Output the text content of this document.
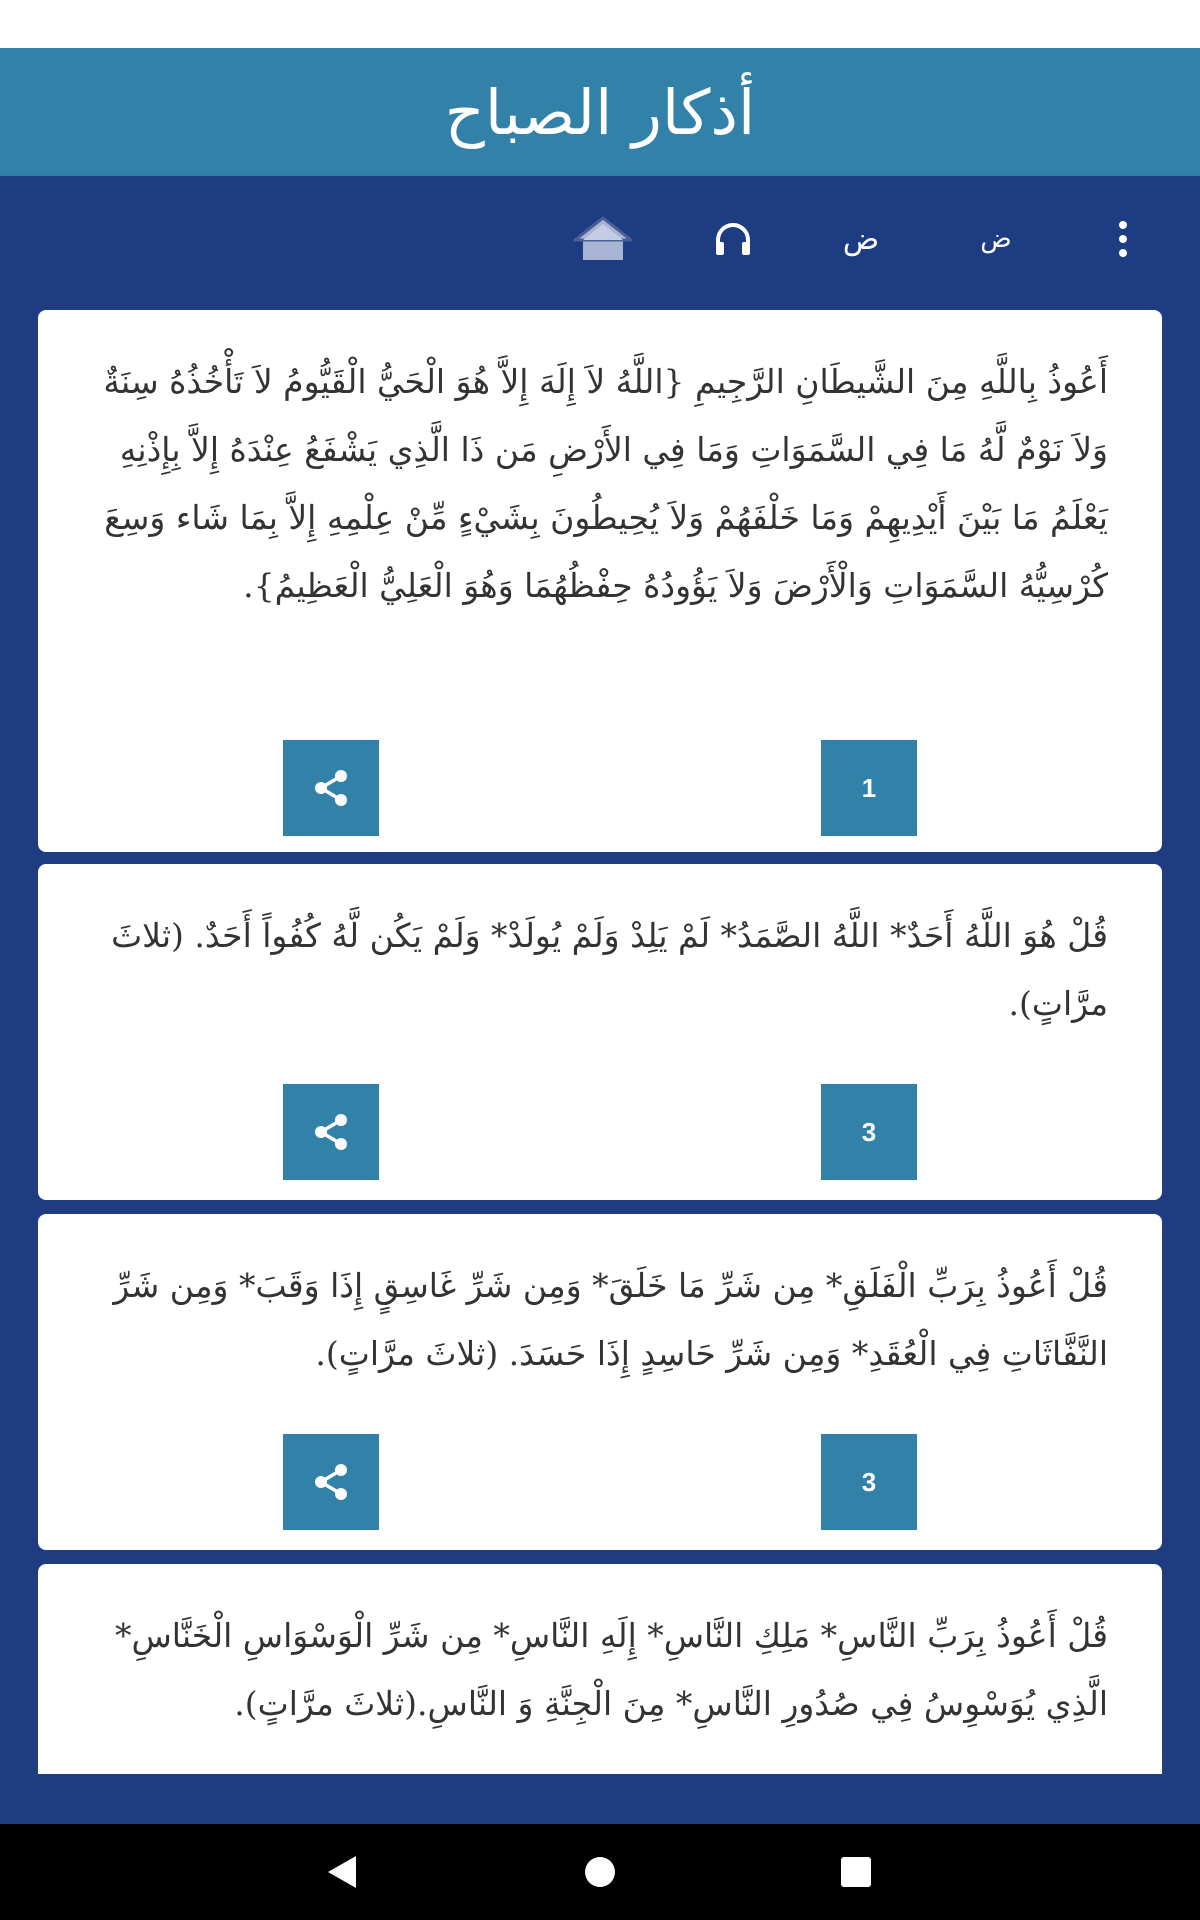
أذكار الصباح
ض	ض
أَعُوذُ بِاللَّهِ مِنَ الشَّيطَانِ الرَّجِيمِ {اللَّهُ لاَ إِلَهَ إِلاَّ هُوَ الْحَيُّ الْقَيُّومُ لاَ تَأْخُذُهُ سِنَةٌ وَلاَ نَوْمٌ لَّهُ مَا فِي السَّمَوَاتِ وَمَا فِي الأَرْضِ مَن ذَا الَّذِي يَشْفَعُ عِنْدَهُ إِلاَّ بِإِذْنِهِ يَعْلَمُ مَا بَيْنَ أَيْدِيهِمْ وَمَا خَلْفَهُمْ وَلاَ يُحِيطُونَ بِشَيْءٍ مِّنْ عِلْمِهِ إِلاَّ بِمَا شَاء وَسِعَ كُرْسِيُّهُ السَّمَوَاتِ وَالْأَرْضَ وَلاَ يَؤُودُهُ حِفْظُهُمَا وَهُوَ الْعَلِيُّ الْعَظِيمُ}.
1
قُلْ هُوَ اللَّهُ أَحَدٌ* اللَّهُ الصَّمَدُ* لَمْ يَلِدْ وَلَمْ يُولَدْ* وَلَمْ يَكُن لَّهُ كُفُواً أَحَدٌ. (ثلاثَ مرَّاتٍ).
3
قُلْ أَعُوذُ بِرَبِّ الْفَلَقِ* مِن شَرِّ مَا خَلَقَ* وَمِن شَرِّ غَاسِقٍ إِذَا وَقَبَ* وَمِن شَرِّ النَّفَّاثَاتِ فِي الْعُقَدِ* وَمِن شَرِّ حَاسِدٍ إِذَا حَسَدَ. (ثلاثَ مرَّاتٍ).
3
قُلْ أَعُوذُ بِرَبِّ النَّاسِ* مَلِكِ النَّاسِ* إِلَهِ النَّاسِ* مِن شَرِّ الْوَسْوَاسِ الْخَنَّاسِ* الَّذِي يُوَسْوِسُ فِي صُدُورِ النَّاسِ* مِنَ الْجِنَّةِ وَ النَّاسِ.(ثلاثَ مرَّاتٍ).
